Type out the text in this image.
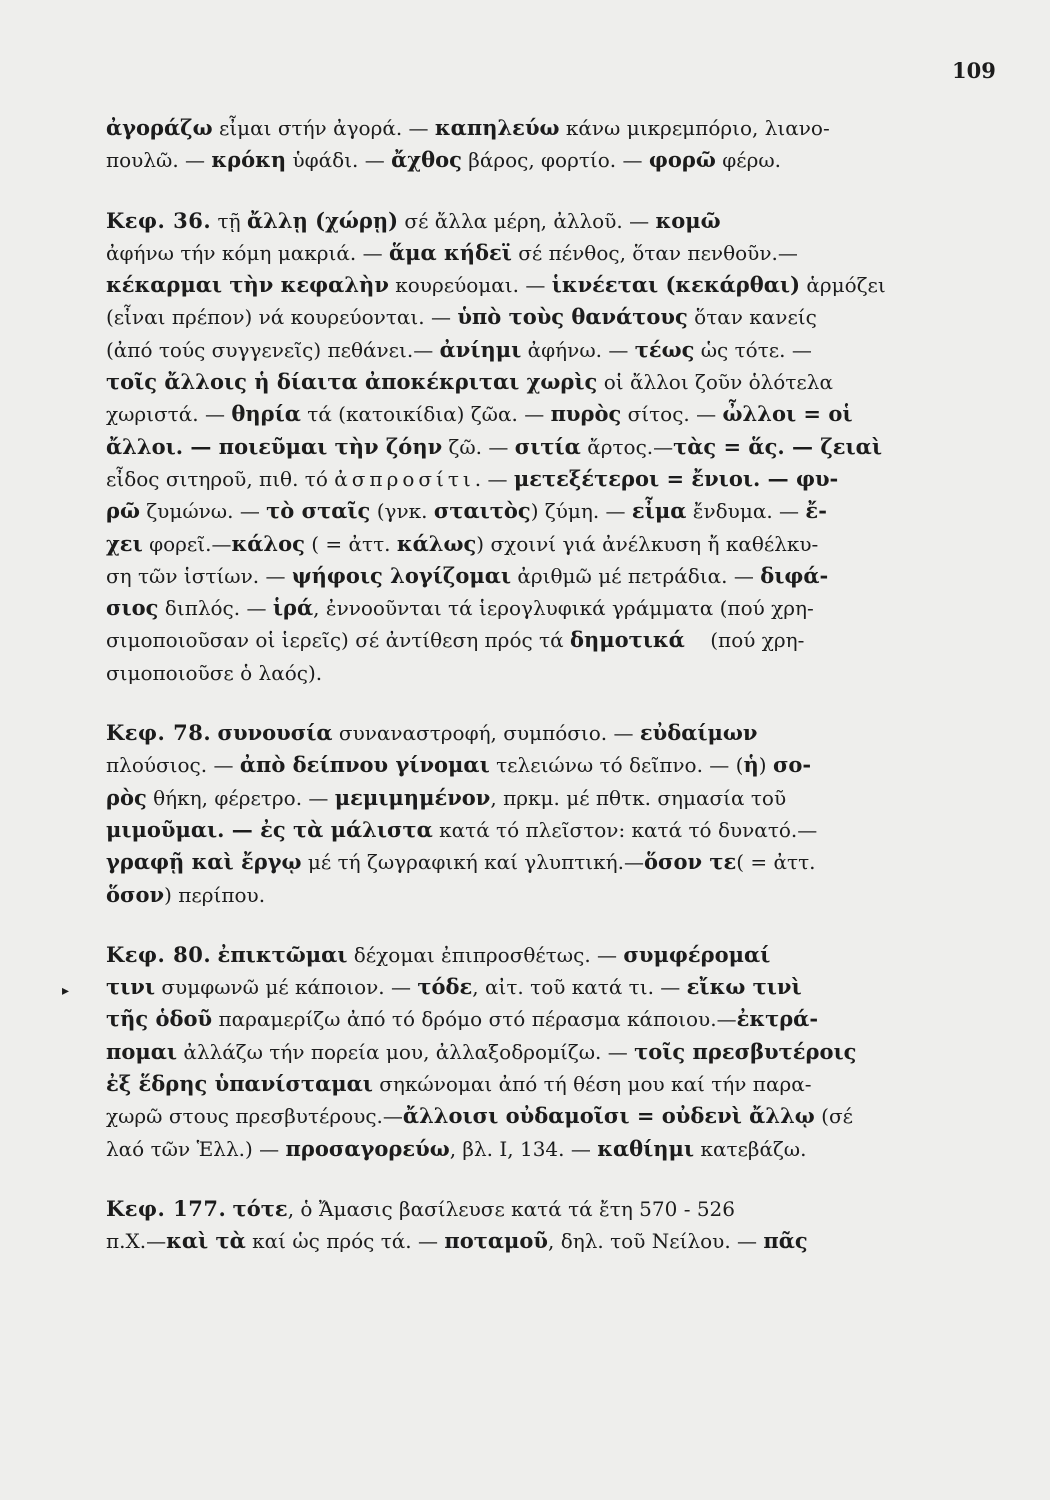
109
▸
ἀγοράζω εἶμαι στήν ἀγορά. — καπηλεύω κάνω μικρεμπόριο, λιανο-
πουλῶ. — κρόκη ὑφάδι. — ἄχθος βάρος, φορτίο. — φορῶ φέρω.
Κεφ. 36. τῇ ἄλλῃ (χώρῃ) σέ ἄλλα μέρη, ἀλλοῦ. — κομῶ
ἀφήνω τήν κόμη μακριά. — ἅμα κήδεϊ σέ πένθος, ὅταν πενθοῦν.—
κέκαρμαι τὴν κεφαλὴν κουρεύομαι. — ἱκνέεται (κεκάρθαι) ἁρμόζει
(εἶναι πρέπον) νά κουρεύονται. — ὑπὸ τοὺς θανάτους ὅταν κανείς
(ἀπό τούς συγγενεῖς) πεθάνει.— ἀνίημι ἀφήνω. — τέως ὡς τότε. —
τοῖς ἄλλοις ἡ δίαιτα ἀποκέκριται χωρὶς οἱ ἄλλοι ζοῦν ὁλότελα
χωριστά. — θηρία τά (κατοικίδια) ζῶα. — πυρὸς σίτος. — ὦλλοι = οἱ
ἄλλοι. — ποιεῦμαι τὴν ζόην ζῶ. — σιτία ἄρτος.—τὰς = ἅς. — ζειαὶ
εἶδος σιτηροῦ, πιθ. τό ἀσπροσίτι. — μετεξέτεροι = ἔνιοι. — φυ-
ρῶ ζυμώνω. — τὸ σταῖς (γνκ. σταιτὸς) ζύμη. — εἶμα ἔνδυμα. — ἔ-
χει φορεῖ.—κάλος ( = ἀττ. κάλως) σχοινί γιά ἀνέλκυση ἤ καθέλκυ-
ση τῶν ἱστίων. — ψήφοις λογίζομαι ἀριθμῶ μέ πετράδια. — διφά-
σιος διπλός. — ἱρά, ἐννοοῦνται τά ἱερογλυφικά γράμματα (πού χρη-
σιμοποιοῦσαν οἱ ἱερεῖς) σέ ἀντίθεση πρός τά δημοτικά    (πού χρη-
σιμοποιοῦσε ὁ λαός).
Κεφ. 78. συνουσία συναναστροφή, συμπόσιο. — εὐδαίμων
πλούσιος. — ἀπὸ δείπνου γίνομαι τελειώνω τό δεῖπνο. — (ἡ) σο-
ρὸς θήκη, φέρετρο. — μεμιμημένον, πρκμ. μέ πθτκ. σημασία τοῦ
μιμοῦμαι. — ἐς τὰ μάλιστα κατά τό πλεῖστον: κατά τό δυνατό.—
γραφῇ καὶ ἔργῳ μέ τή ζωγραφική καί γλυπτική.—ὅσον τε( = ἀττ.
ὅσον) περίπου.
Κεφ. 80. ἐπικτῶμαι δέχομαι ἐπιπροσθέτως. — συμφέρομαί
τινι συμφωνῶ μέ κάποιον. — τόδε, αἰτ. τοῦ κατά τι. — εἴκω τινὶ
τῆς ὁδοῦ παραμερίζω ἀπό τό δρόμο στό πέρασμα κάποιου.—ἐκτρά-
πομαι ἀλλάζω τήν πορεία μου, ἀλλαξοδρομίζω. — τοῖς πρεσβυτέροις
ἐξ ἕδρης ὑπανίσταμαι σηκώνομαι ἀπό τή θέση μου καί τήν παρα-
χωρῶ στους πρεσβυτέρους.—ἄλλοισι οὐδαμοῖσι = οὐδενὶ ἄλλῳ (σέ
λαό τῶν Ἑλλ.) — προσαγορεύω, βλ. I, 134. — καθίημι κατεβάζω.
Κεφ. 177. τότε, ὁ Ἄμασις βασίλευσε κατά τά ἔτη 570 - 526
π.Χ.—καὶ τὰ καί ὡς πρός τά. — ποταμοῦ, δηλ. τοῦ Νείλου. — πᾶς
